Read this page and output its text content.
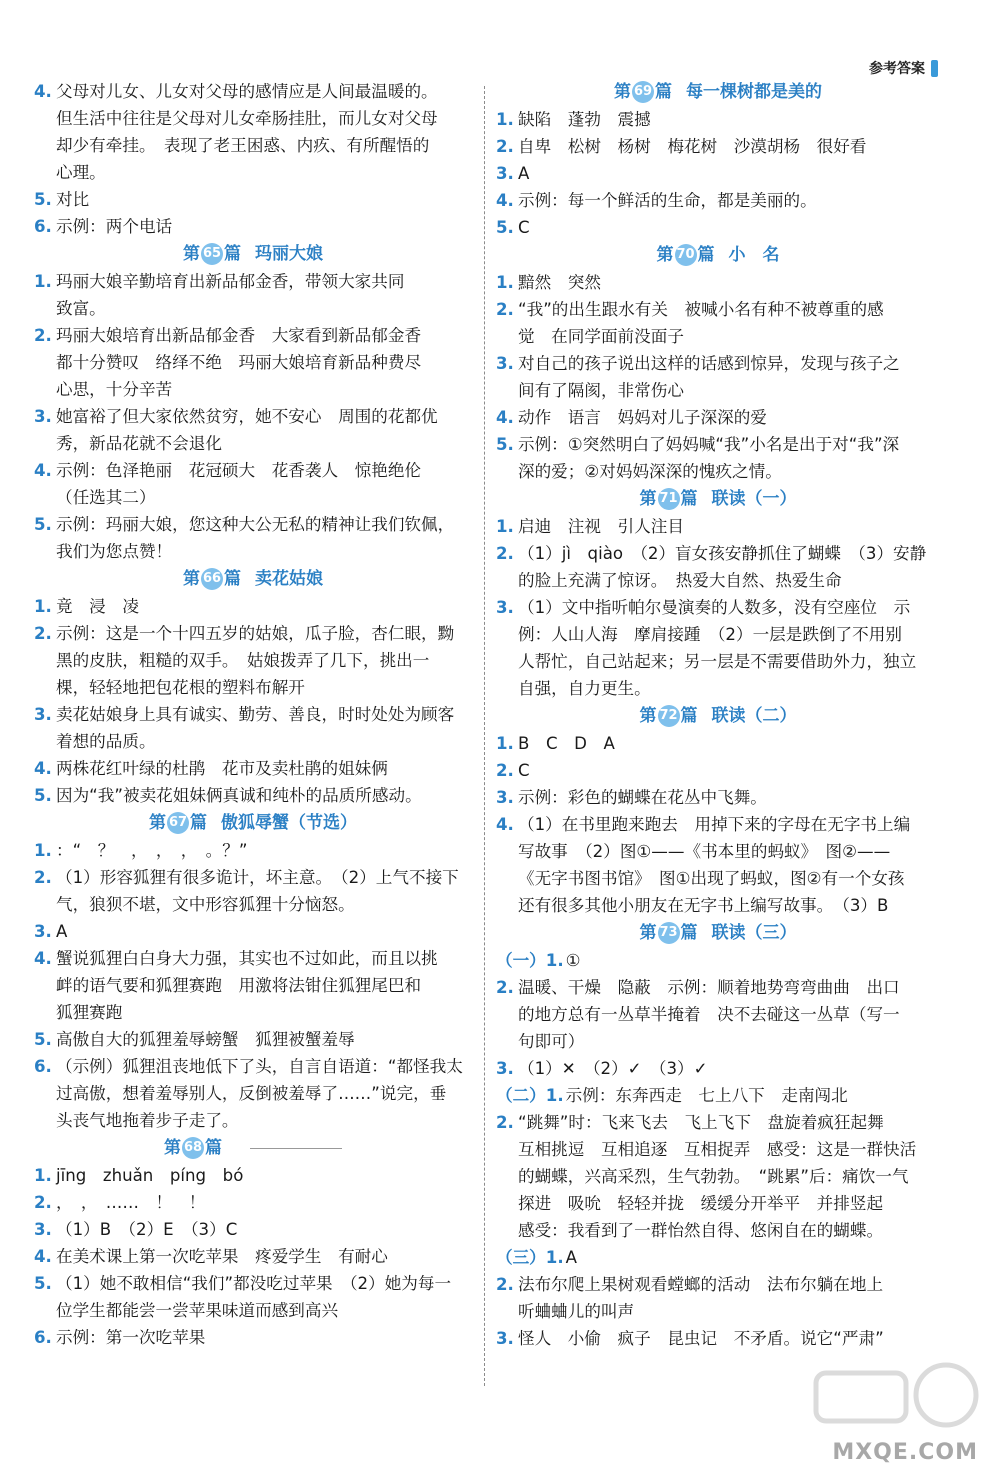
参考答案
4. 父母对儿女、儿女对父母的感情应是人间最温暖的。
但生活中往往是父母对儿女牵肠挂肚，而儿女对父母
却少有牵挂。　表现了老王困惑、内疚、有所醒悟的
心理。
5. 对比
6. 示例：两个电话
第 65 篇 玛丽大娘
1. 玛丽大娘辛勤培育出新品郁金香，带领大家共同
致富。
2. 玛丽大娘培育出新品郁金香　大家看到新品郁金香
都十分赞叹　络绎不绝　玛丽大娘培育新品种费尽
心思，十分辛苦
3. 她富裕了但大家依然贫穷，她不安心　周围的花都优
秀，新品花就不会退化
4. 示例：色泽艳丽　花冠硕大　花香袭人　惊艳绝伦
（任选其二）
5. 示例：玛丽大娘，您这种大公无私的精神让我们钦佩，
我们为您点赞！
第 66 篇 卖花姑娘
1. 竟　浸　凌
2. 示例：这是一个十四五岁的姑娘，瓜子脸，杏仁眼，黝
黑的皮肤，粗糙的双手。　姑娘拨弄了几下，挑出一
棵，轻轻地把包花根的塑料布解开
3. 卖花姑娘身上具有诚实、勤劳、善良，时时处处为顾客
着想的品质。
4. 两株花红叶绿的杜鹃　花市及卖杜鹃的姐妹俩
5. 因为“我”被卖花姐妹俩真诚和纯朴的品质所感动。
第 67 篇 傲狐辱蟹（节选）
1. ：“　？　，　，　，　。？”
2. （1）形容狐狸有很多诡计，坏主意。　（2）上气不接下
气，狼狈不堪，文中形容狐狸十分恼怒。
3. A
4. 蟹说狐狸白白身大力强，其实也不过如此，而且以挑
衅的语气要和狐狸赛跑　用激将法钳住狐狸尾巴和
狐狸赛跑
5. 高傲自大的狐狸羞辱螃蟹　狐狸被蟹羞辱
6. （示例）狐狸沮丧地低下了头，自言自语道：“都怪我太
过高傲，想着羞辱别人，反倒被羞辱了……”说完，垂
头丧气地拖着步子走了。
第 68 篇
1. jīng　zhuǎn　píng　bó
2. ，　，　……　！　！
3. （1）B　（2）E　（3）C
4. 在美术课上第一次吃苹果　疼爱学生　有耐心
5. （1）她不敢相信“我们”都没吃过苹果　（2）她为每一
位学生都能尝一尝苹果味道而感到高兴
6. 示例：第一次吃苹果
第 69 篇 每一棵树都是美的
1. 缺陷　蓬勃　震撼
2. 自卑　松树　杨树　梅花树　沙漠胡杨　很好看
3. A
4. 示例：每一个鲜活的生命，都是美丽的。
5. C
第 70 篇 小　名
1. 黯然　突然
2. “我”的出生跟水有关　被喊小名有种不被尊重的感
觉　在同学面前没面子
3. 对自己的孩子说出这样的话感到惊异，发现与孩子之
间有了隔阂，非常伤心
4. 动作　语言　妈妈对儿子深深的爱
5. 示例：①突然明白了妈妈喊“我”小名是出于对“我”深
深的爱；②对妈妈深深的愧疚之情。
第 71 篇 联读（一）
1. 启迪　注视　引人注目
2. （1）jì　qiào　（2）盲女孩安静抓住了蝴蝶　（3）安静
的脸上充满了惊讶。　热爱大自然、热爱生命
3. （1）文中指听帕尔曼演奏的人数多，没有空座位　示
例：人山人海　摩肩接踵　（2）一层是跌倒了不用别
人帮忙，自己站起来；另一层是不需要借助外力，独立
自强，自力更生。
第 72 篇 联读（二）
1. B　C　D　A
2. C
3. 示例：彩色的蝴蝶在花丛中飞舞。
4. （1）在书里跑来跑去　用掉下来的字母在无字书上编
写故事　（2）图①——《书本里的蚂蚁》　图②——
《无字书图书馆》　图①出现了蚂蚁，图②有一个女孩
还有很多其他小朋友在无字书上编写故事。　（3）B
第 73 篇 联读（三）
（一）1. ①
2. 温暖、干燥　隐蔽　示例：顺着地势弯弯曲曲　出口
的地方总有一丛草半掩着　决不去碰这一丛草（写一
句即可）
3. （1）✕　（2）✓　（3）✓
（二）1. 示例：东奔西走　七上八下　走南闯北
2. “跳舞”时：飞来飞去　飞上飞下　盘旋着疯狂起舞
互相挑逗　互相追逐　互相捉弄　感受：这是一群快活
的蝴蝶，兴高采烈，生气勃勃。　“跳累”后：痛饮一气
探进　吸吮　轻轻并拢　缓缓分开举平　并排竖起
感受：我看到了一群怡然自得、悠闲自在的蝴蝶。
（三）1. A
2. 法布尔爬上果树观看螳螂的活动　法布尔躺在地上
听蛐蛐儿的叫声
3. 怪人　小偷　疯子　昆虫记　不矛盾。说它“严肃”
MXQE.COM
